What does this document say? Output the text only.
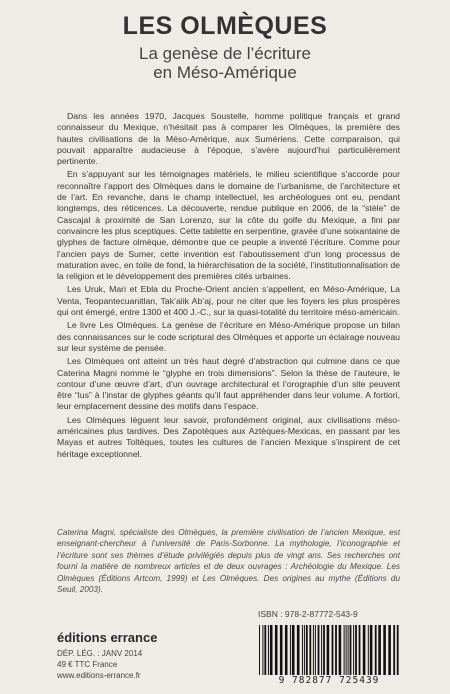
LES OLMÈQUES
La genèse de l’écriture
en Méso-Amérique

Dans les années 1970, Jacques Soustelle, homme politique français et grand connaisseur du Mexique, n’hésitait pas à comparer les Olmèques, la première des hautes civilisations de la Méso-Amérique, aux Sumériens. Cette comparaison, qui pouvait apparaître audacieuse à l’époque, s’avère aujourd’hui particulièrement pertinente.

En s’appuyant sur les témoignages matériels, le milieu scientifique s’accorde pour reconnaître l’apport des Olmèques dans le domaine de l’urbanisme, de l’architecture et de l’art. En revanche, dans le champ intellectuel, les archéologues ont eu, pendant longtemps, des réticences. La découverte, rendue publique en 2006, de la “stèle” de Cascajal à proximité de San Lorenzo, sur la côte du golfe du Mexique, a fini par convaincre les plus sceptiques. Cette tablette en serpentine, gravée d’une soixantaine de glyphes de facture olmèque, démontre que ce peuple a inventé l’écriture. Comme pour l’ancien pays de Sumer, cette invention est l’aboutissement d’un long processus de maturation avec, en toile de fond, la hiérarchisation de la société, l’institutionnalisation de la religion et le développement des premières cités urbaines.

Les Uruk, Mari et Ebla du Proche-Orient ancien s’appellent, en Méso-Amérique, La Venta, Teopantecuanitlan, Tak’alik Ab’aj, pour ne citer que les foyers les plus prospères qui ont émergé, entre 1300 et 400 J.-C., sur la quasi-totalité du territoire méso-américain.

Le livre Les Olmèques. La genèse de l’écriture en Méso-Amérique propose un bilan des connaissances sur le code scriptural des Olmèques et apporte un éclairage nouveau sur leur système de pensée.

Les Olmèques ont atteint un très haut degré d’abstraction qui culmine dans ce que Caterina Magni nomme le “glyphe en trois dimensions”. Selon la thèse de l’auteure, le contour d’une œuvre d’art, d’un ouvrage architectural et l’orographie d’un site peuvent être “lus” à l’instar de glyphes géants qu’il faut appréhender dans leur volume. A fortiori, leur emplacement dessine des motifs dans l’espace.

Les Olmèques lèguent leur savoir, profondément original, aux civilisations méso-américaines plus tardives. Des Zapotèques aux Aztèques-Mexicas, en passant par les Mayas et autres Toltèques, toutes les cultures de l’ancien Mexique s’inspirent de cet héritage exceptionnel.

Caterina Magni, spécialiste des Olmèques, la première civilisation de l’ancien Mexique, est enseignant-chercheur à l’université de Paris-Sorbonne. La mythologie, l’iconographie et l’écriture sont ses thèmes d’étude privilégiés depuis plus de vingt ans. Ses recherches ont fourni la matière de nombreux articles et de deux ouvrages : Archéologie du Mexique. Les Olmèques (Éditions Artcom, 1999) et Les Olmèques. Des origines au mythe (Éditions du Seuil, 2003).
ISBN : 978-2-87772-543-9
9 782877 725439
éditions errance
DÉP. LÉG. : JANV 2014
49 € TTC France
www.editions-errance.fr
